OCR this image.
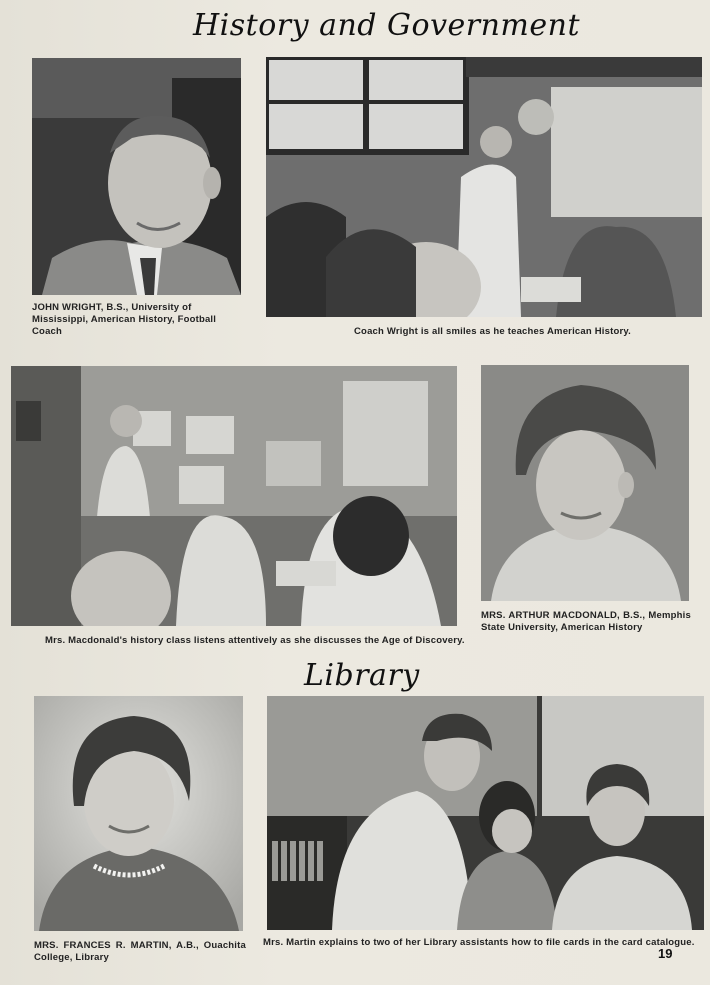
History and Government
JOHN WRIGHT, B.S., University of Mississippi, American History, Football Coach	Coach Wright is all smiles as he teaches American History.
Mrs. Macdonald's history class listens attentively as she discusses the Age of Discovery.
MRS. ARTHUR MACDONALD, B.S., Memphis State University, American History
Library
MRS. FRANCES R. MARTIN, A.B., Ouachita College, Library
Mrs. Martin explains to two of her Library assistants how to file cards in the card catalogue.
19
